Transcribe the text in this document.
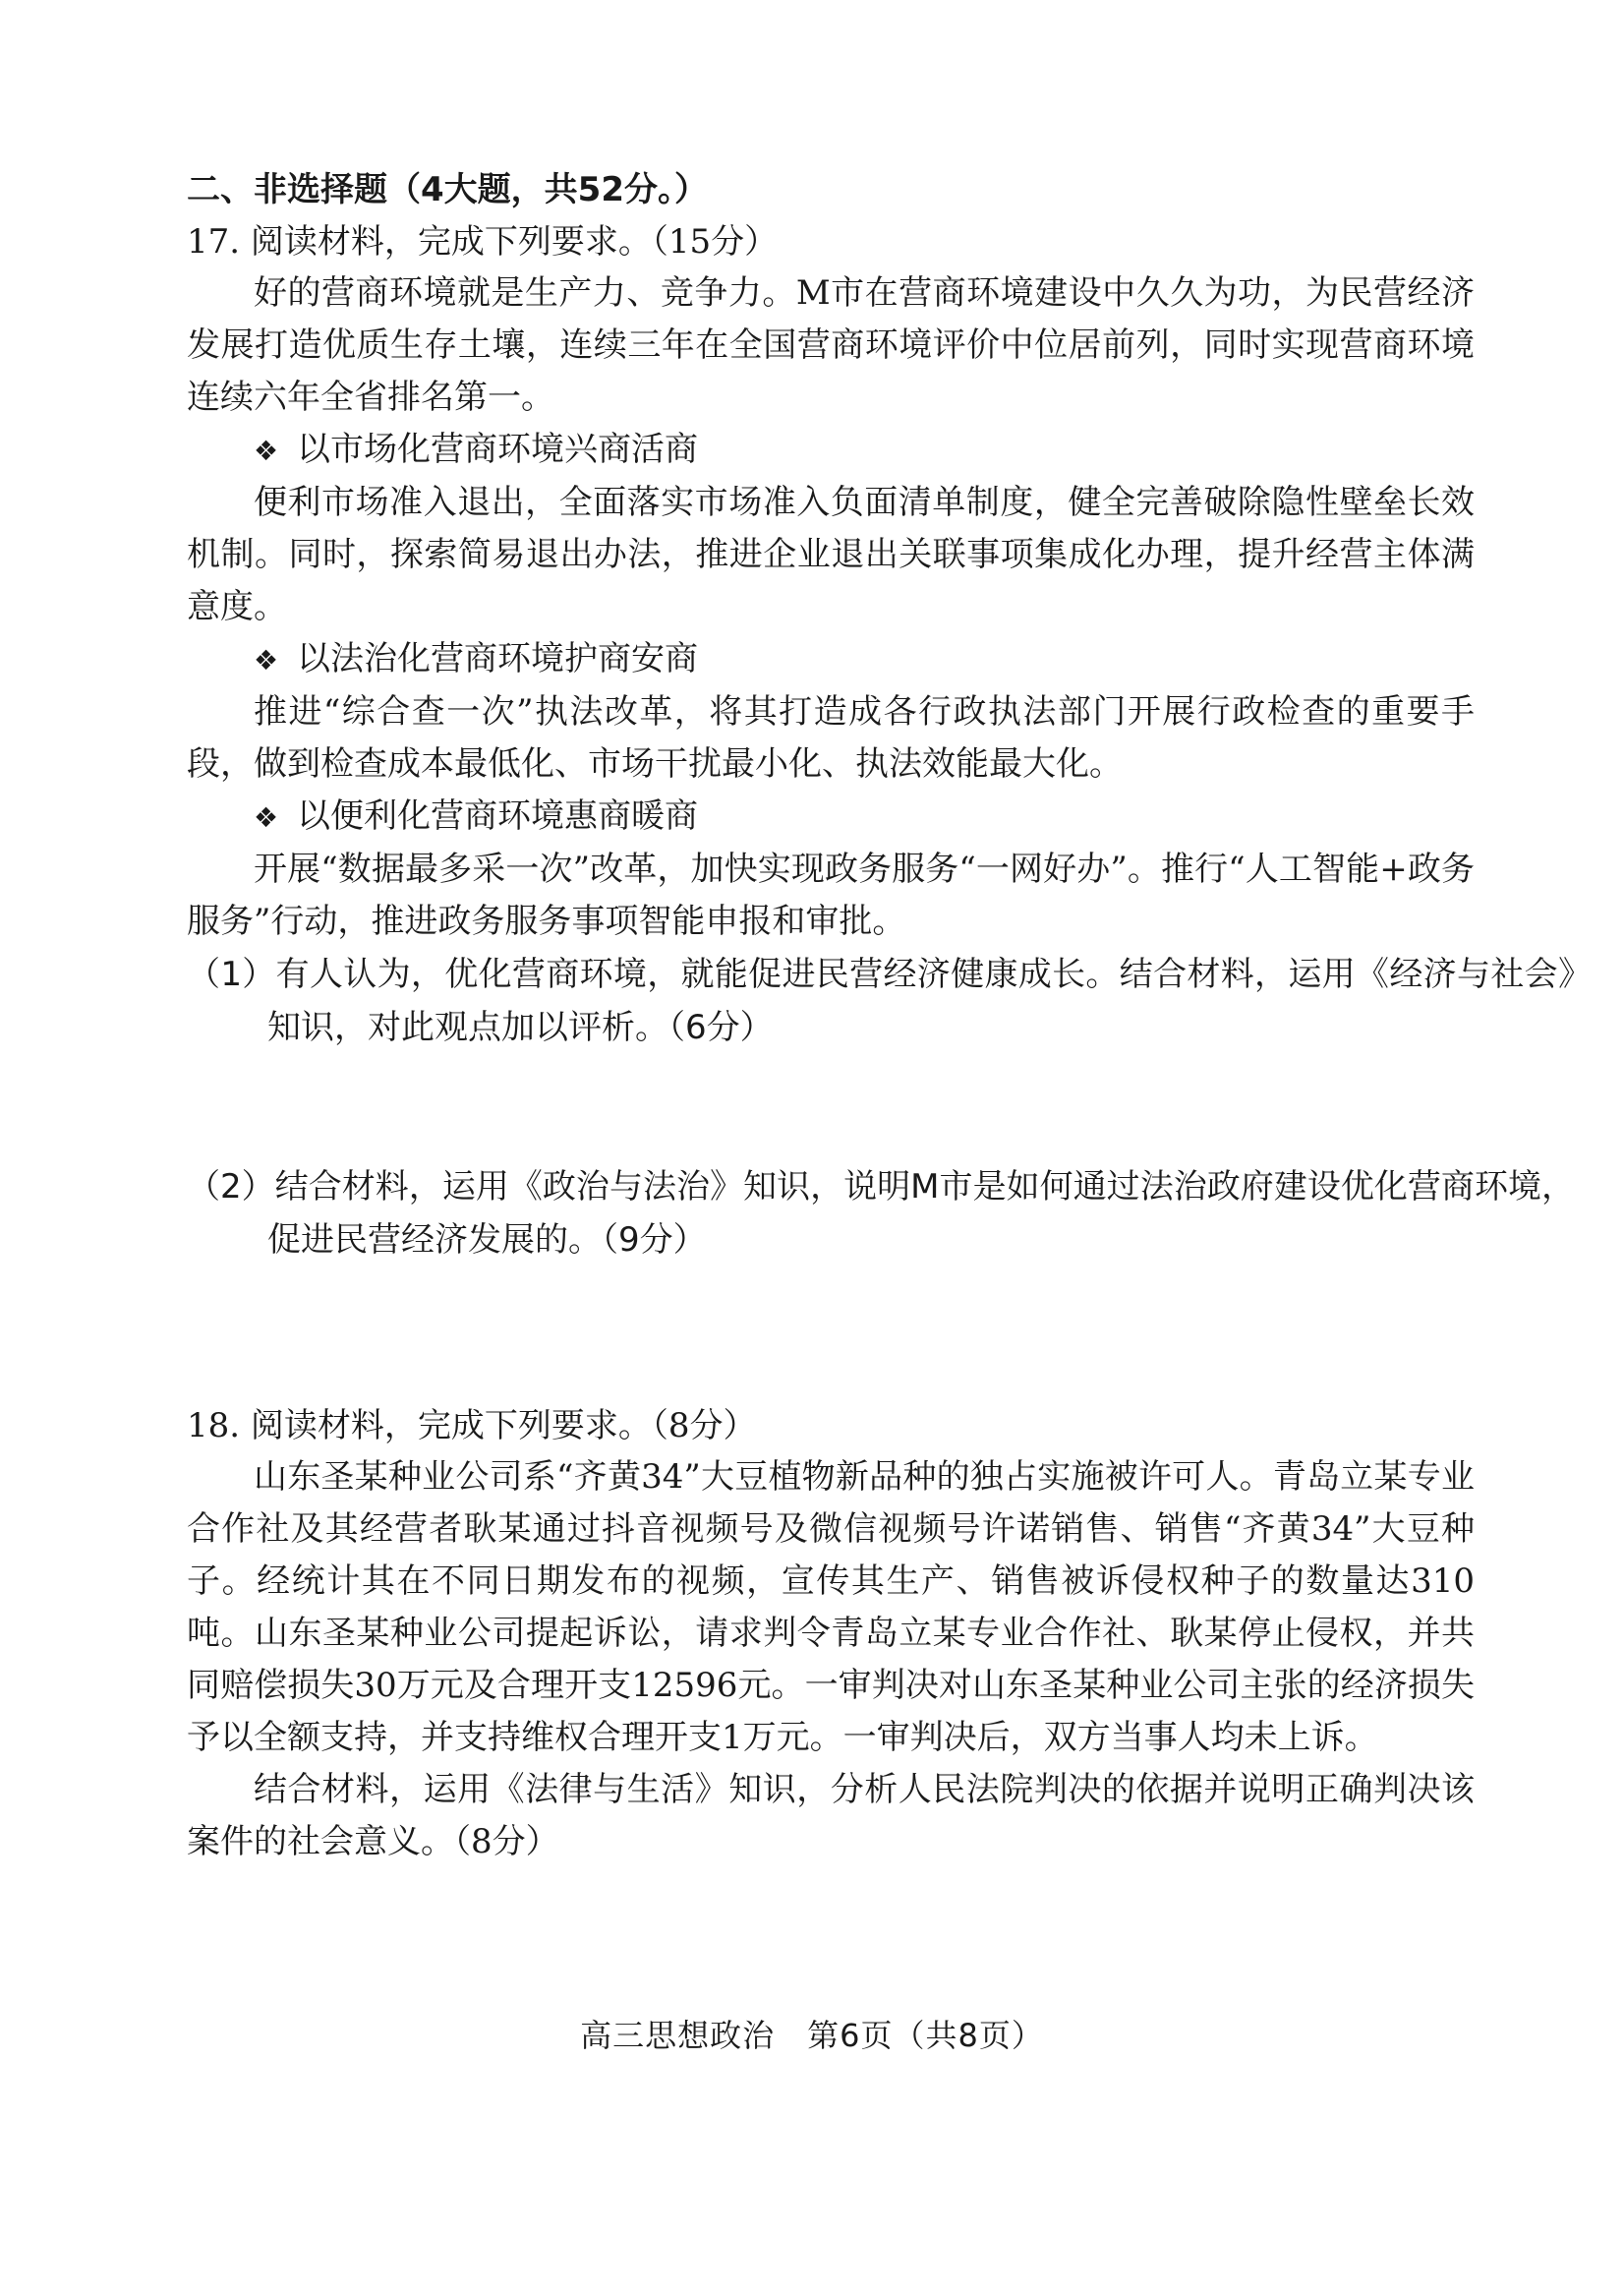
二、非选择题（4大题，共52分。）
17. 阅读材料，完成下列要求。（15分）
好的营商环境就是生产力、竞争力。M市在营商环境建设中久久为功，为民营经济发展打造优质生存土壤，连续三年在全国营商环境评价中位居前列，同时实现营商环境连续六年全省排名第一。
❖ 以市场化营商环境兴商活商
便利市场准入退出，全面落实市场准入负面清单制度，健全完善破除隐性壁垒长效机制。同时，探索简易退出办法，推进企业退出关联事项集成化办理，提升经营主体满意度。
❖ 以法治化营商环境护商安商
推进“综合查一次”执法改革，将其打造成各行政执法部门开展行政检查的重要手段，做到检查成本最低化、市场干扰最小化、执法效能最大化。
❖ 以便利化营商环境惠商暖商
开展“数据最多采一次”改革，加快实现政务服务“一网好办”。推行“人工智能+政务服务”行动，推进政务服务事项智能申报和审批。
（1）有人认为，优化营商环境，就能促进民营经济健康成长。结合材料，运用《经济与社会》知识，对此观点加以评析。（6分）
（2）结合材料，运用《政治与法治》知识，说明M市是如何通过法治政府建设优化营商环境，促进民营经济发展的。（9分）
18. 阅读材料，完成下列要求。（8分）
山东圣某种业公司系“齐黄34”大豆植物新品种的独占实施被许可人。青岛立某专业合作社及其经营者耿某通过抖音视频号及微信视频号许诺销售、销售“齐黄34”大豆种子。经统计其在不同日期发布的视频，宣传其生产、销售被诉侵权种子的数量达310吨。山东圣某种业公司提起诉讼，请求判令青岛立某专业合作社、耿某停止侵权，并共同赔偿损失30万元及合理开支12596元。一审判决对山东圣某种业公司主张的经济损失予以全额支持，并支持维权合理开支1万元。一审判决后，双方当事人均未上诉。
结合材料，运用《法律与生活》知识，分析人民法院判决的依据并说明正确判决该案件的社会意义。（8分）
高三思想政治　第6页（共8页）
